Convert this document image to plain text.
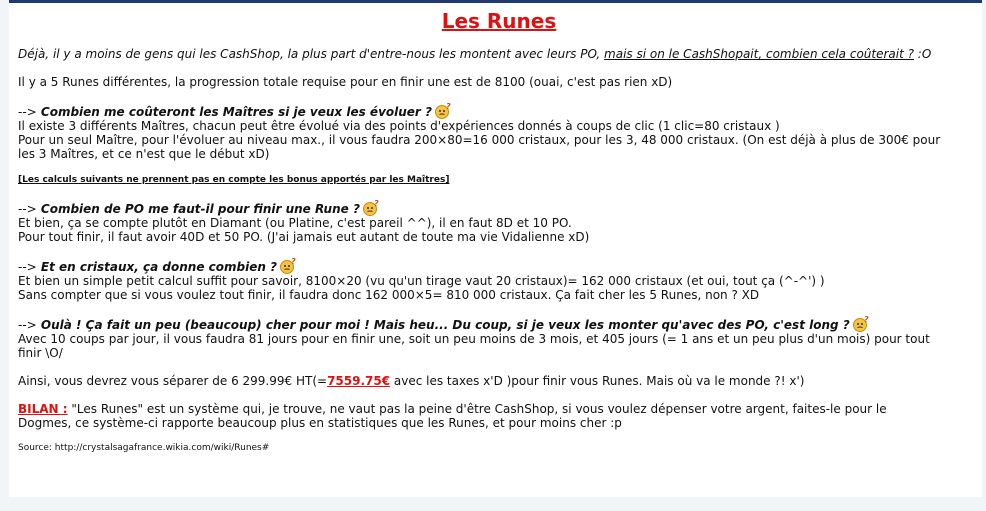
Les Runes

Déjà, il y a moins de gens qui les CashShop, la plus part d'entre-nous les montent avec leurs PO, mais si on le CashShopait, combien cela coûterait ? :O

Il y a 5 Runes différentes, la progression totale requise pour en finir une est de 8100 (ouai, c'est pas rien xD)

--> Combien me coûteront les Maîtres si je veux les évoluer ? ?

Il existe 3 différents Maîtres, chacun peut être évolué via des points d'expériences donnés à coups de clic (1 clic=80 cristaux )

Pour un seul Maître, pour l'évoluer au niveau max., il vous faudra 200×80=16 000 cristaux, pour les 3, 48 000 cristaux. (On est déjà à plus de 300€ pour

les 3 Maîtres, et ce n'est que le début xD)

[Les calculs suivants ne prennent pas en compte les bonus apportés par les Maîtres]

--> Combien de PO me faut-il pour finir une Rune ? ?

Et bien, ça se compte plutôt en Diamant (ou Platine, c'est pareil ^^), il en faut 8D et 10 PO.

Pour tout finir, il faut avoir 40D et 50 PO. (J'ai jamais eut autant de toute ma vie Vidalienne xD)

--> Et en cristaux, ça donne combien ? ?

Et bien un simple petit calcul suffit pour savoir, 8100×20 (vu qu'un tirage vaut 20 cristaux)= 162 000 cristaux (et oui, tout ça (^-^') )

Sans compter que si vous voulez tout finir, il faudra donc 162 000×5= 810 000 cristaux. Ça fait cher les 5 Runes, non ? XD

--> Oulà ! Ça fait un peu (beaucoup) cher pour moi ! Mais heu... Du coup, si je veux les monter qu'avec des PO, c'est long ? ?

Avec 10 coups par jour, il vous faudra 81 jours pour en finir une, soit un peu moins de 3 mois, et 405 jours (= 1 ans et un peu plus d'un mois) pour tout

finir \O/

Ainsi, vous devrez vous séparer de 6 299.99€ HT(=7559.75€ avec les taxes x'D )pour finir vous Runes. Mais où va le monde ?! x')

BILAN : "Les Runes" est un système qui, je trouve, ne vaut pas la peine d'être CashShop, si vous voulez dépenser votre argent, faites-le pour le

Dogmes, ce système-ci rapporte beaucoup plus en statistiques que les Runes, et pour moins cher :p

Source: http://crystalsagafrance.wikia.com/wiki/Runes#
